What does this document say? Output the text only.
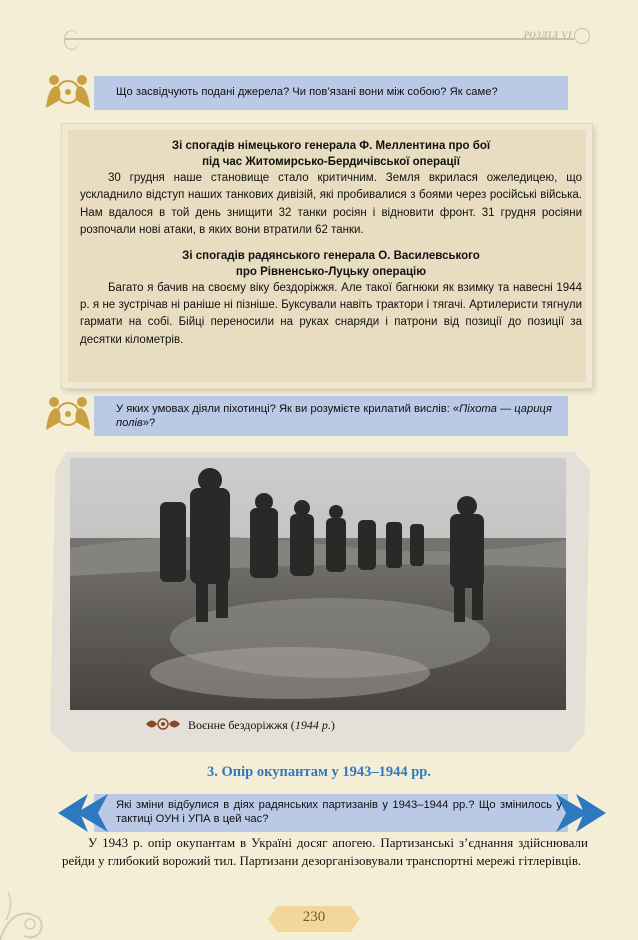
РОЗДІЛ VI
Що засвідчують подані джерела? Чи пов’язані вони між собою? Як саме?
Зі спогадів німецького генерала Ф. Меллентина про бої
під час Житомирсько-Бердичівської операції
30 грудня наше становище стало критичним. Земля вкрилася ожеледицею, що ускладнило відступ наших танкових дивізій, які пробивалися з боями через російські війська. Нам вдалося в той день знищити 32 танки росіян і відновити фронт. 31 грудня росіяни розпочали нові атаки, в яких вони втратили 62 танки.
Зі спогадів радянського генерала О. Василевського
про Рівненсько-Луцьку операцію
Багато я бачив на своєму віку бездоріжжя. Але такої багнюки як взимку та навесні 1944 р. я не зустрічав ні раніше ні пізніше. Буксували навіть трактори і тягачі. Артилеристи тягнули гармати на собі. Бійці переносили на руках снаряди і патрони від позиції до позиції за десятки кілометрів.
У яких умовах діяли піхотинці? Як ви розумієте крилатий вислів: «Піхота — цариця полів»?
Воєнне бездоріжжя (1944 р.)
3. Опір окупантам у 1943–1944 рр.
Які зміни відбулися в діях радянських партизанів у 1943–1944 рр.? Що змінилось у тактиці ОУН і УПА в цей час?
У 1943 р. опір окупантам в Україні досяг апогею. Партизанські з’єднання здійснювали рейди у глибокий ворожий тил. Партизани дезорганізовували транспортні мережі гітлерівців.
230
